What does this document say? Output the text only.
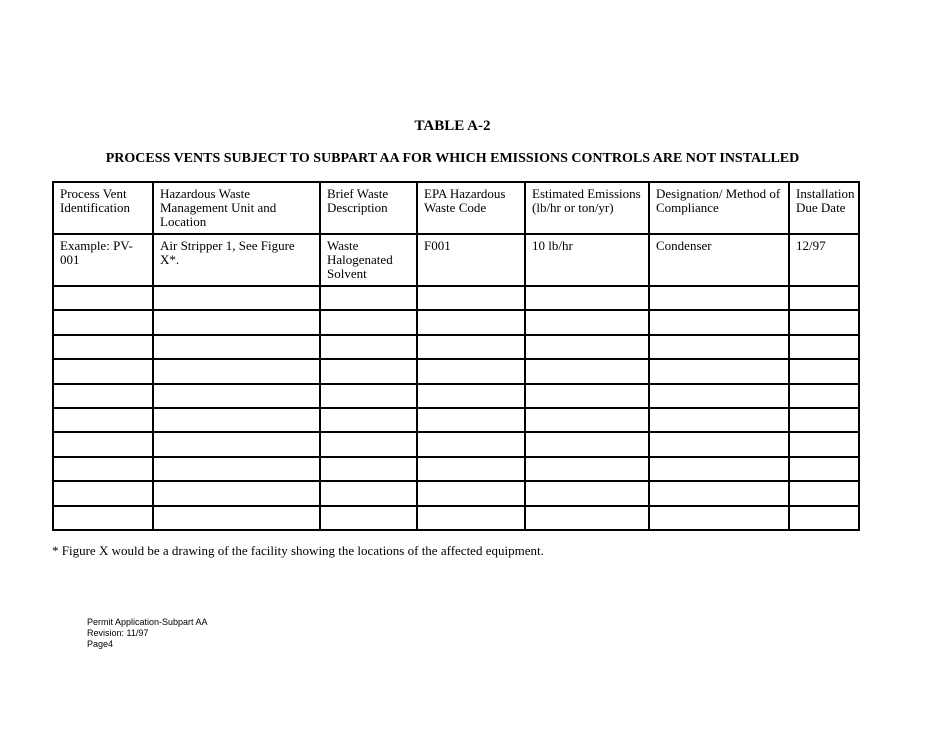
TABLE A-2
PROCESS VENTS SUBJECT TO SUBPART AA FOR WHICH EMISSIONS CONTROLS ARE NOT INSTALLED
Process Vent Identification	Hazardous Waste Management Unit and Location	Brief Waste Description	EPA Hazardous Waste Code	Estimated Emissions (lb/hr or ton/yr)	Designation/ Method of Compliance	Installation Due Date
Example: PV-001	Air Stripper 1, See Figure X*.	Waste Halogenated Solvent	F001	10 lb/hr	Condenser	12/97

* Figure X would be a drawing of the facility showing the locations of the affected equipment.
Permit Application-Subpart AA
Revision: 11/97
Page4
